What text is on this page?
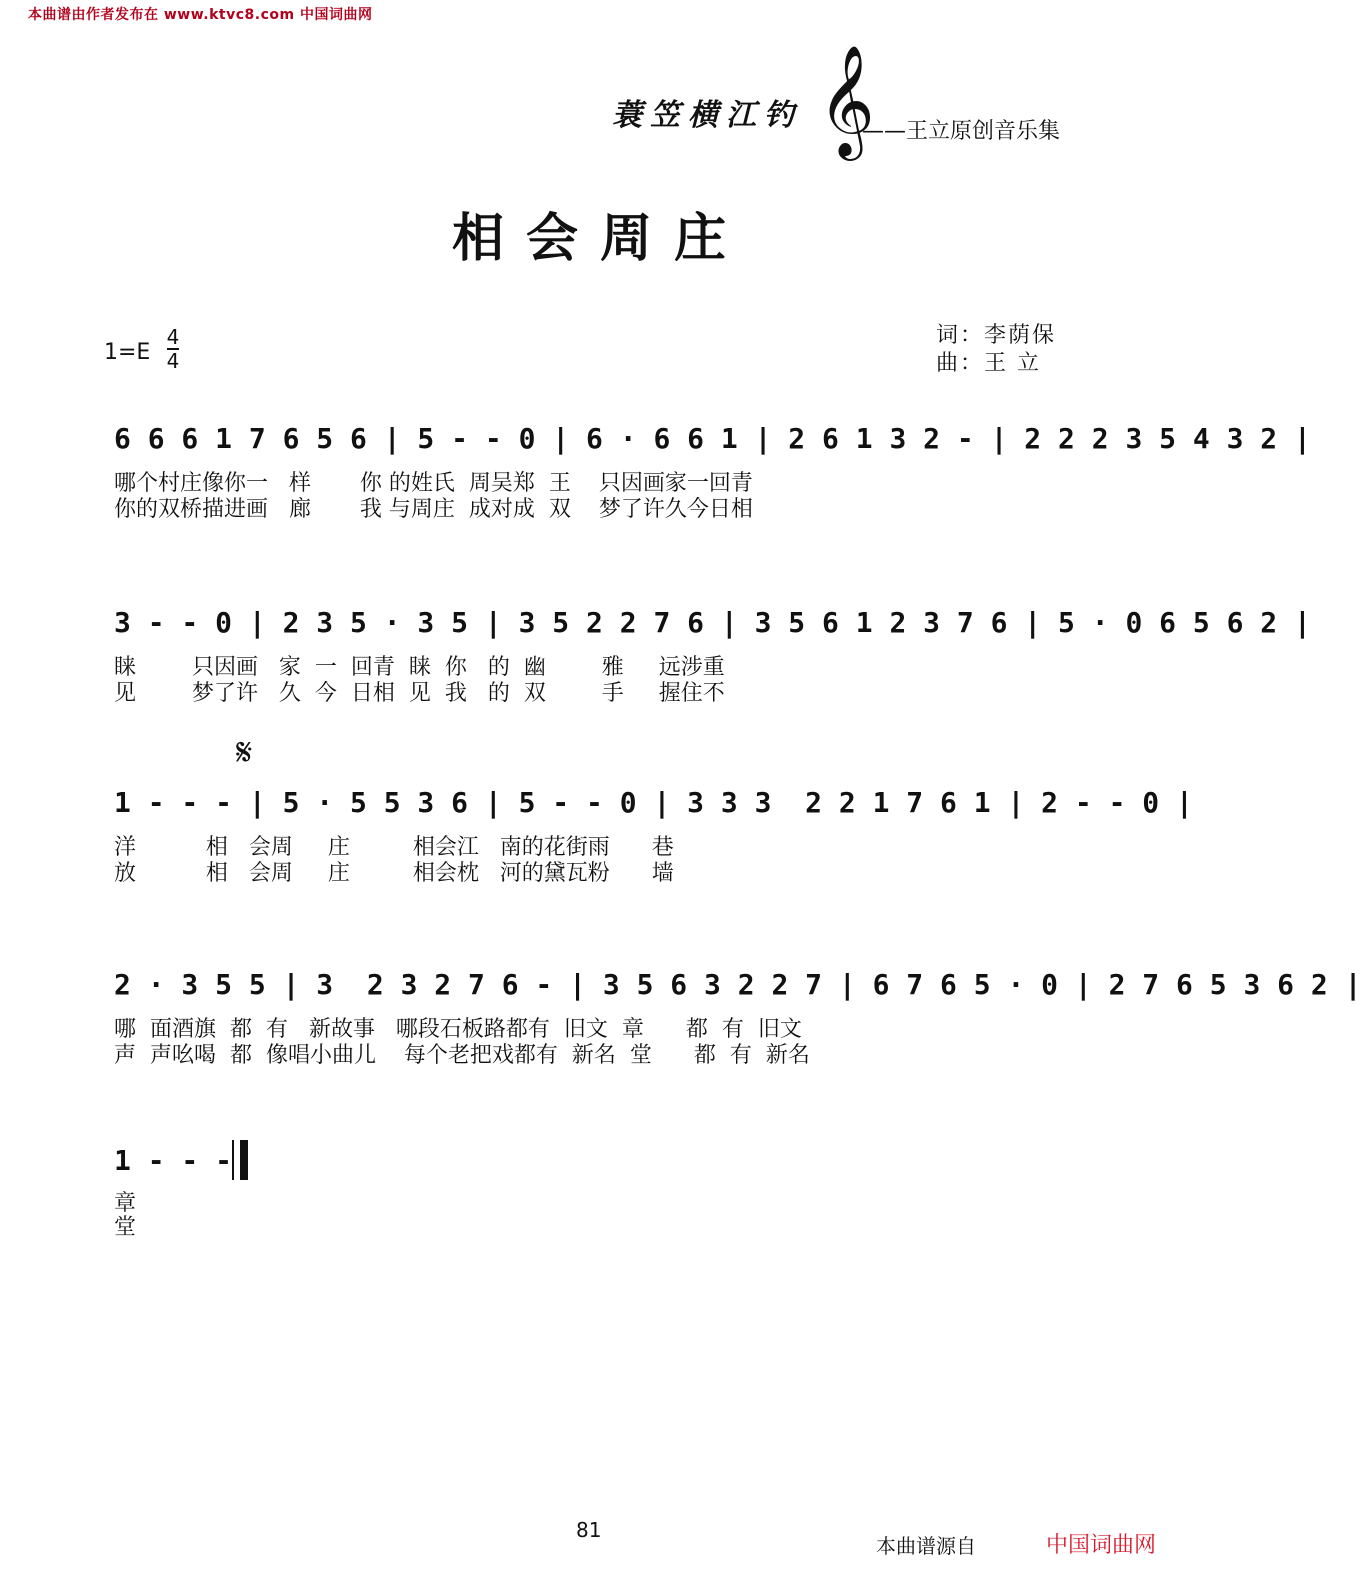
本曲谱由作者发布在 www.ktvc8.com 中国词曲网
蓑笠横江钓 𝄞
——王立原创音乐集
相会周庄
词：李荫保
曲：王 立
1=E
4
4
6 6 6 1 7 6 5 6 | 5 - - 0 | 6 · 6 6 1 | 2 6 1 3 2 - | 2 2 2 3 5 4 3 2 |
哪个村庄像你一   样       你 的姓氏  周吴郑  王    只因画家一回青
你的双桥描进画   廊       我 与周庄  成对成  双    梦了许久今日相
3 - - 0 | 2 3 5 · 3 5 | 3 5 2 2 7 6 | 3 5 6 1 2 3 7 6 | 5 · 0 6 5 6 2 |
睐        只因画   家  一  回青  睐  你   的  幽        雅     远涉重
见        梦了许   久  今  日相  见  我   的  双        手     握住不
𝄋
1 - - - | 5 · 5 5 3 6 | 5 - - 0 | 3 3 3  2 2 1 7 6 1 | 2 - - 0 |
洋          相   会周     庄         相会江   南的花街雨      巷
放          相   会周     庄         相会枕   河的黛瓦粉      墙
2 · 3 5 5 | 3  2 3 2 7 6 - | 3 5 6 3 2 2 7 | 6 7 6 5 · 0 | 2 7 6 5 3 6 2 |
哪  面酒旗  都  有   新故事   哪段石板路都有  旧文  章      都  有  旧文
声  声吆喝  都  像唱小曲儿    每个老把戏都有  新名  堂      都  有  新名
1 - - -
章
堂
81
本曲谱源自	中国词曲网
